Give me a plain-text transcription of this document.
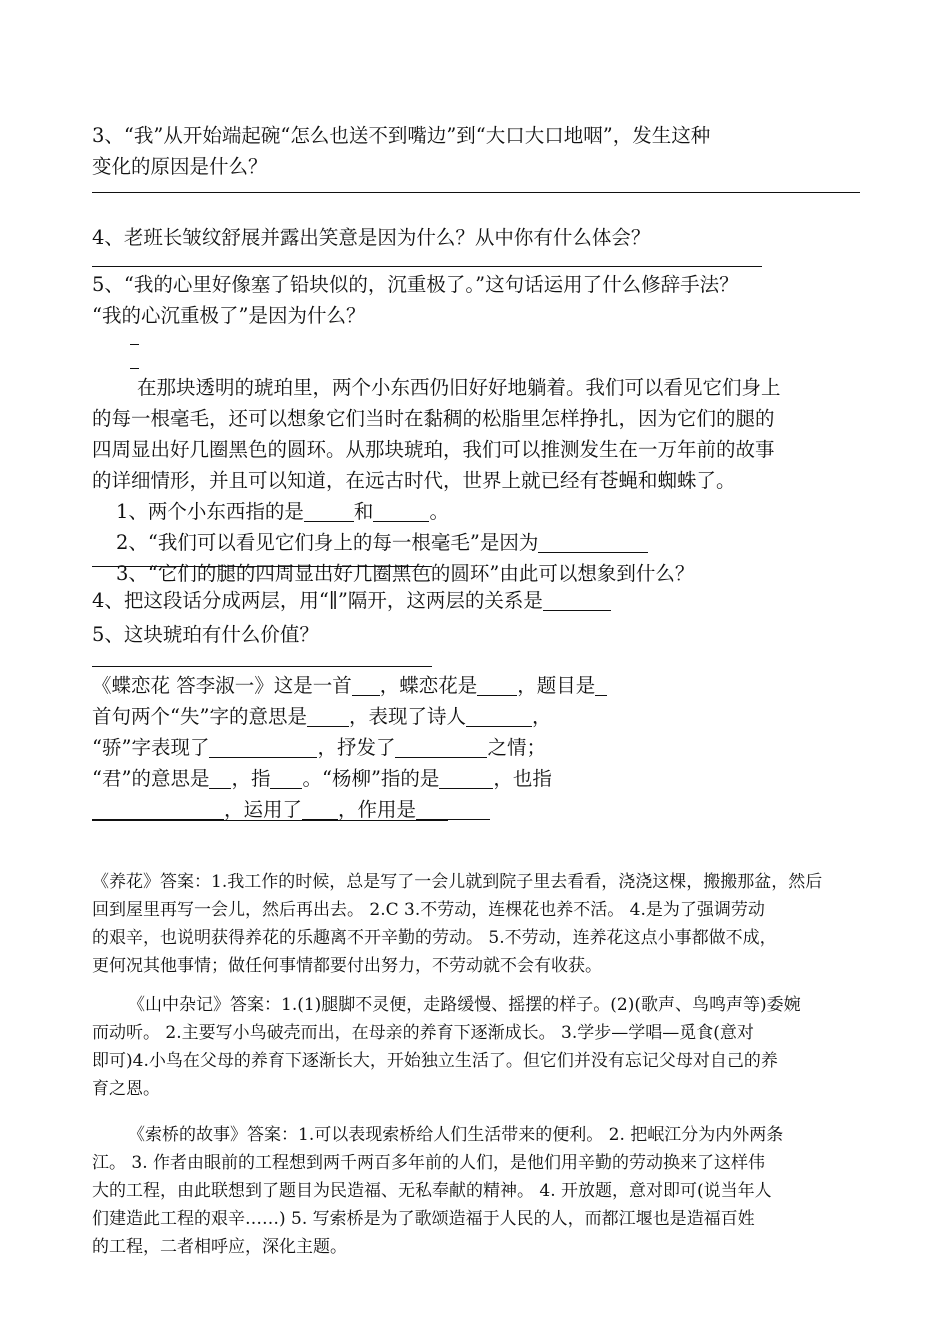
3、“我”从开始端起碗“怎么也送不到嘴边”到“大口大口地咽”，发生这种

变化的原因是什么？

4、老班长皱纹舒展并露出笑意是因为什么？从中你有什么体会？

5、“我的心里好像塞了铅块似的，沉重极了。”这句话运用了什么修辞手法？

“我的心沉重极了”是因为什么？

在那块透明的琥珀里，两个小东西仍旧好好地躺着。我们可以看见它们身上

的每一根毫毛，还可以想象它们当时在黏稠的松脂里怎样挣扎，因为它们的腿的

四周显出好几圈黑色的圆环。从那块琥珀，我们可以推测发生在一万年前的故事

的详细情形，并且可以知道，在远古时代，世界上就已经有苍蝇和蜘蛛了。

1、两个小东西指的是	和	。

2、“我们可以看见它们身上的每一根毫毛”是因为

3、“它们的腿的四周显出好几圈黑色的圆环”由此可以想象到什么？

4、把这段话分成两层，用“∥”隔开，这两层的关系是

5、这块琥珀有什么价值？

《蝶恋花 答李淑一》这是一首 ，蝶恋花是 ，题目是

首句两个“失”字的意思是 ，表现了诗人	，

“骄”字表现了	，抒发了	之情；

“君”的意思是 ，指 。“杨柳”指的是	，也指

，运用了 ，作用是

《养花》答案：1.我工作的时候，总是写了一会儿就到院子里去看看，浇浇这棵，搬搬那盆，然后

回到屋里再写一会儿，然后再出去。 2.C 3.不劳动，连棵花也养不活。 4.是为了强调劳动

的艰辛，也说明获得养花的乐趣离不开辛勤的劳动。 5.不劳动，连养花这点小事都做不成，

更何况其他事情；做任何事情都要付出努力，不劳动就不会有收获。

《山中杂记》答案：1.(1)腿脚不灵便，走路缓慢、摇摆的样子。(2)(歌声、鸟鸣声等)委婉

而动听。 2.主要写小鸟破壳而出，在母亲的养育下逐渐成长。 3.学步—学唱—觅食(意对

即可)4.小鸟在父母的养育下逐渐长大，开始独立生活了。但它们并没有忘记父母对自己的养

育之恩。

《索桥的故事》答案：1.可以表现索桥给人们生活带来的便利。 2. 把岷江分为内外两条

江。 3. 作者由眼前的工程想到两千两百多年前的人们，是他们用辛勤的劳动换来了这样伟

大的工程，由此联想到了题目为民造福、无私奉献的精神。 4. 开放题，意对即可(说当年人

们建造此工程的艰辛……) 5. 写索桥是为了歌颂造福于人民的人，而都江堰也是造福百姓

的工程，二者相呼应，深化主题。
